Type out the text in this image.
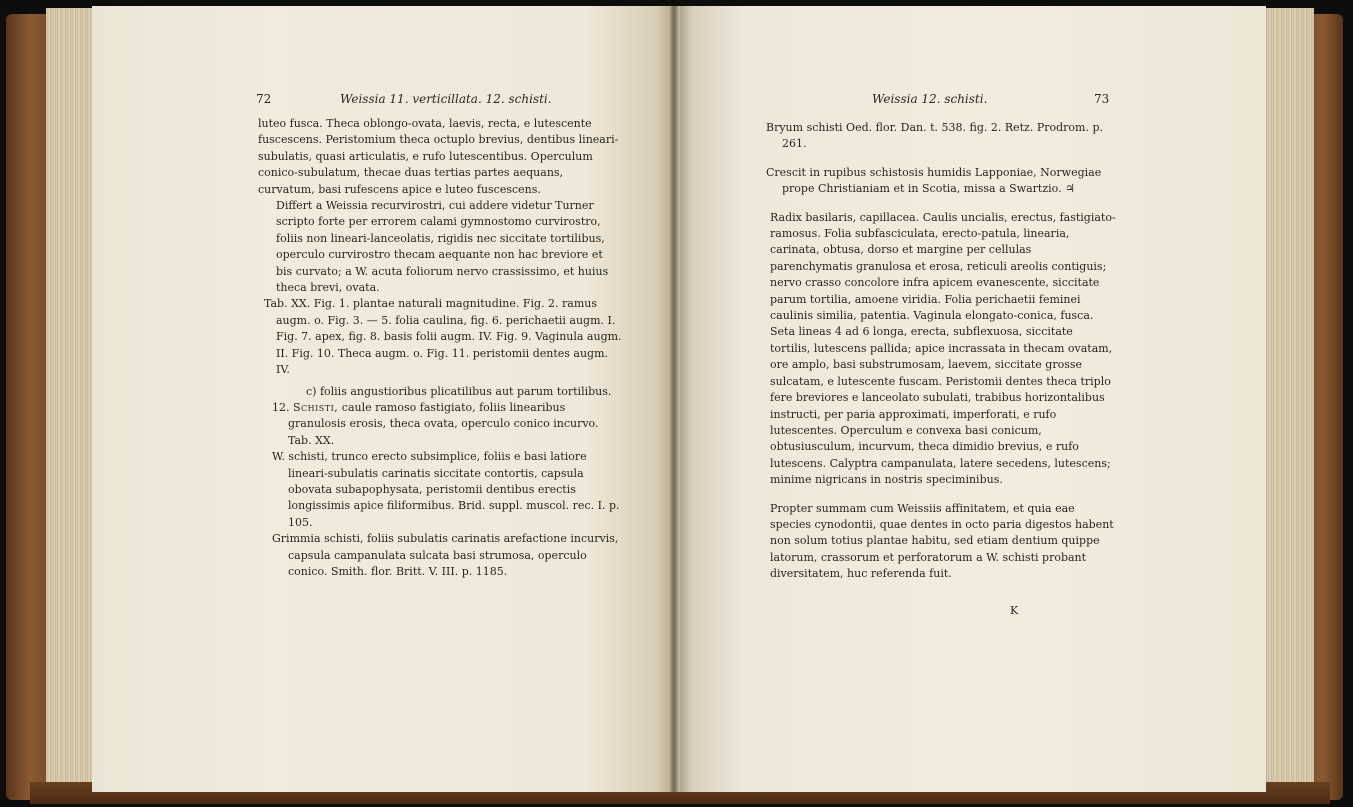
72	Weissia 11. verticillata. 12. schisti.	Weissia 12. schisti.	73

luteo fusca. Theca oblongo-ovata, laevis, recta, e lutescente fuscescens. Peristomium theca octuplo brevius, dentibus lineari-subulatis, quasi articulatis, e rufo lutescentibus. Operculum conico-subulatum, thecae duas tertias partes aequans, curvatum, basi rufescens apice e luteo fuscescens.

Differt a Weissia recurvirostri, cui addere videtur Turner scripto forte per errorem calami gymnostomo curvirostro, foliis non lineari-lanceolatis, rigidis nec siccitate tortilibus, operculo curvirostro thecam aequante non hac breviore et bis curvato; a W. acuta foliorum nervo crassissimo, et huius theca brevi, ovata.

Tab. XX. Fig. 1. plantae naturali magnitudine. Fig. 2. ramus augm. o. Fig. 3. — 5. folia caulina, fig. 6. perichaetii augm. I. Fig. 7. apex, fig. 8. basis folii augm. IV. Fig. 9. Vaginula augm. II. Fig. 10. Theca augm. o. Fig. 11. peristomii dentes augm. IV.

c) foliis angustioribus plicatilibus aut parum tortilibus.

12. Schisti, caule ramoso fastigiato, foliis linearibus granulosis erosis, theca ovata, operculo conico incurvo. Tab. XX.

W. schisti, trunco erecto subsimplice, foliis e basi latiore lineari-subulatis carinatis siccitate contortis, capsula obovata subapophysata, peristomii dentibus erectis longissimis apice filiformibus. Brid. suppl. muscol. rec. I. p. 105.

Grimmia schisti, foliis subulatis carinatis arefactione incurvis, capsula campanulata sulcata basi strumosa, operculo conico. Smith. flor. Britt. V. III. p. 1185.

Bryum schisti Oed. flor. Dan. t. 538. fig. 2. Retz. Prodrom. p. 261.

Crescit in rupibus schistosis humidis Lapponiae, Norwegiae prope Christianiam et in Scotia, missa a Swartzio. ♃

Radix basilaris, capillacea. Caulis uncialis, erectus, fastigiato-ramosus. Folia subfasciculata, erecto-patula, linearia, carinata, obtusa, dorso et margine per cellulas parenchymatis granulosa et erosa, reticuli areolis contiguis; nervo crasso concolore infra apicem evanescente, siccitate parum tortilia, amoene viridia. Folia perichaetii feminei caulinis similia, patentia. Vaginula elongato-conica, fusca. Seta lineas 4 ad 6 longa, erecta, subflexuosa, siccitate tortilis, lutescens pallida; apice incrassata in thecam ovatam, ore amplo, basi substrumosam, laevem, siccitate grosse sulcatam, e lutescente fuscam. Peristomii dentes theca triplo fere breviores e lanceolato subulati, trabibus horizontalibus instructi, per paria approximati, imperforati, e rufo lutescentes. Operculum e convexa basi conicum, obtusiusculum, incurvum, theca dimidio brevius, e rufo lutescens. Calyptra campanulata, latere secedens, lutescens; minime nigricans in nostris speciminibus.

Propter summam cum Weissiis affinitatem, et quia eae species cynodontii, quae dentes in octo paria digestos habent non solum totius plantae habitu, sed etiam dentium quippe latorum, crassorum et perforatorum a W. schisti probant diversitatem, huc referenda fuit.

K
